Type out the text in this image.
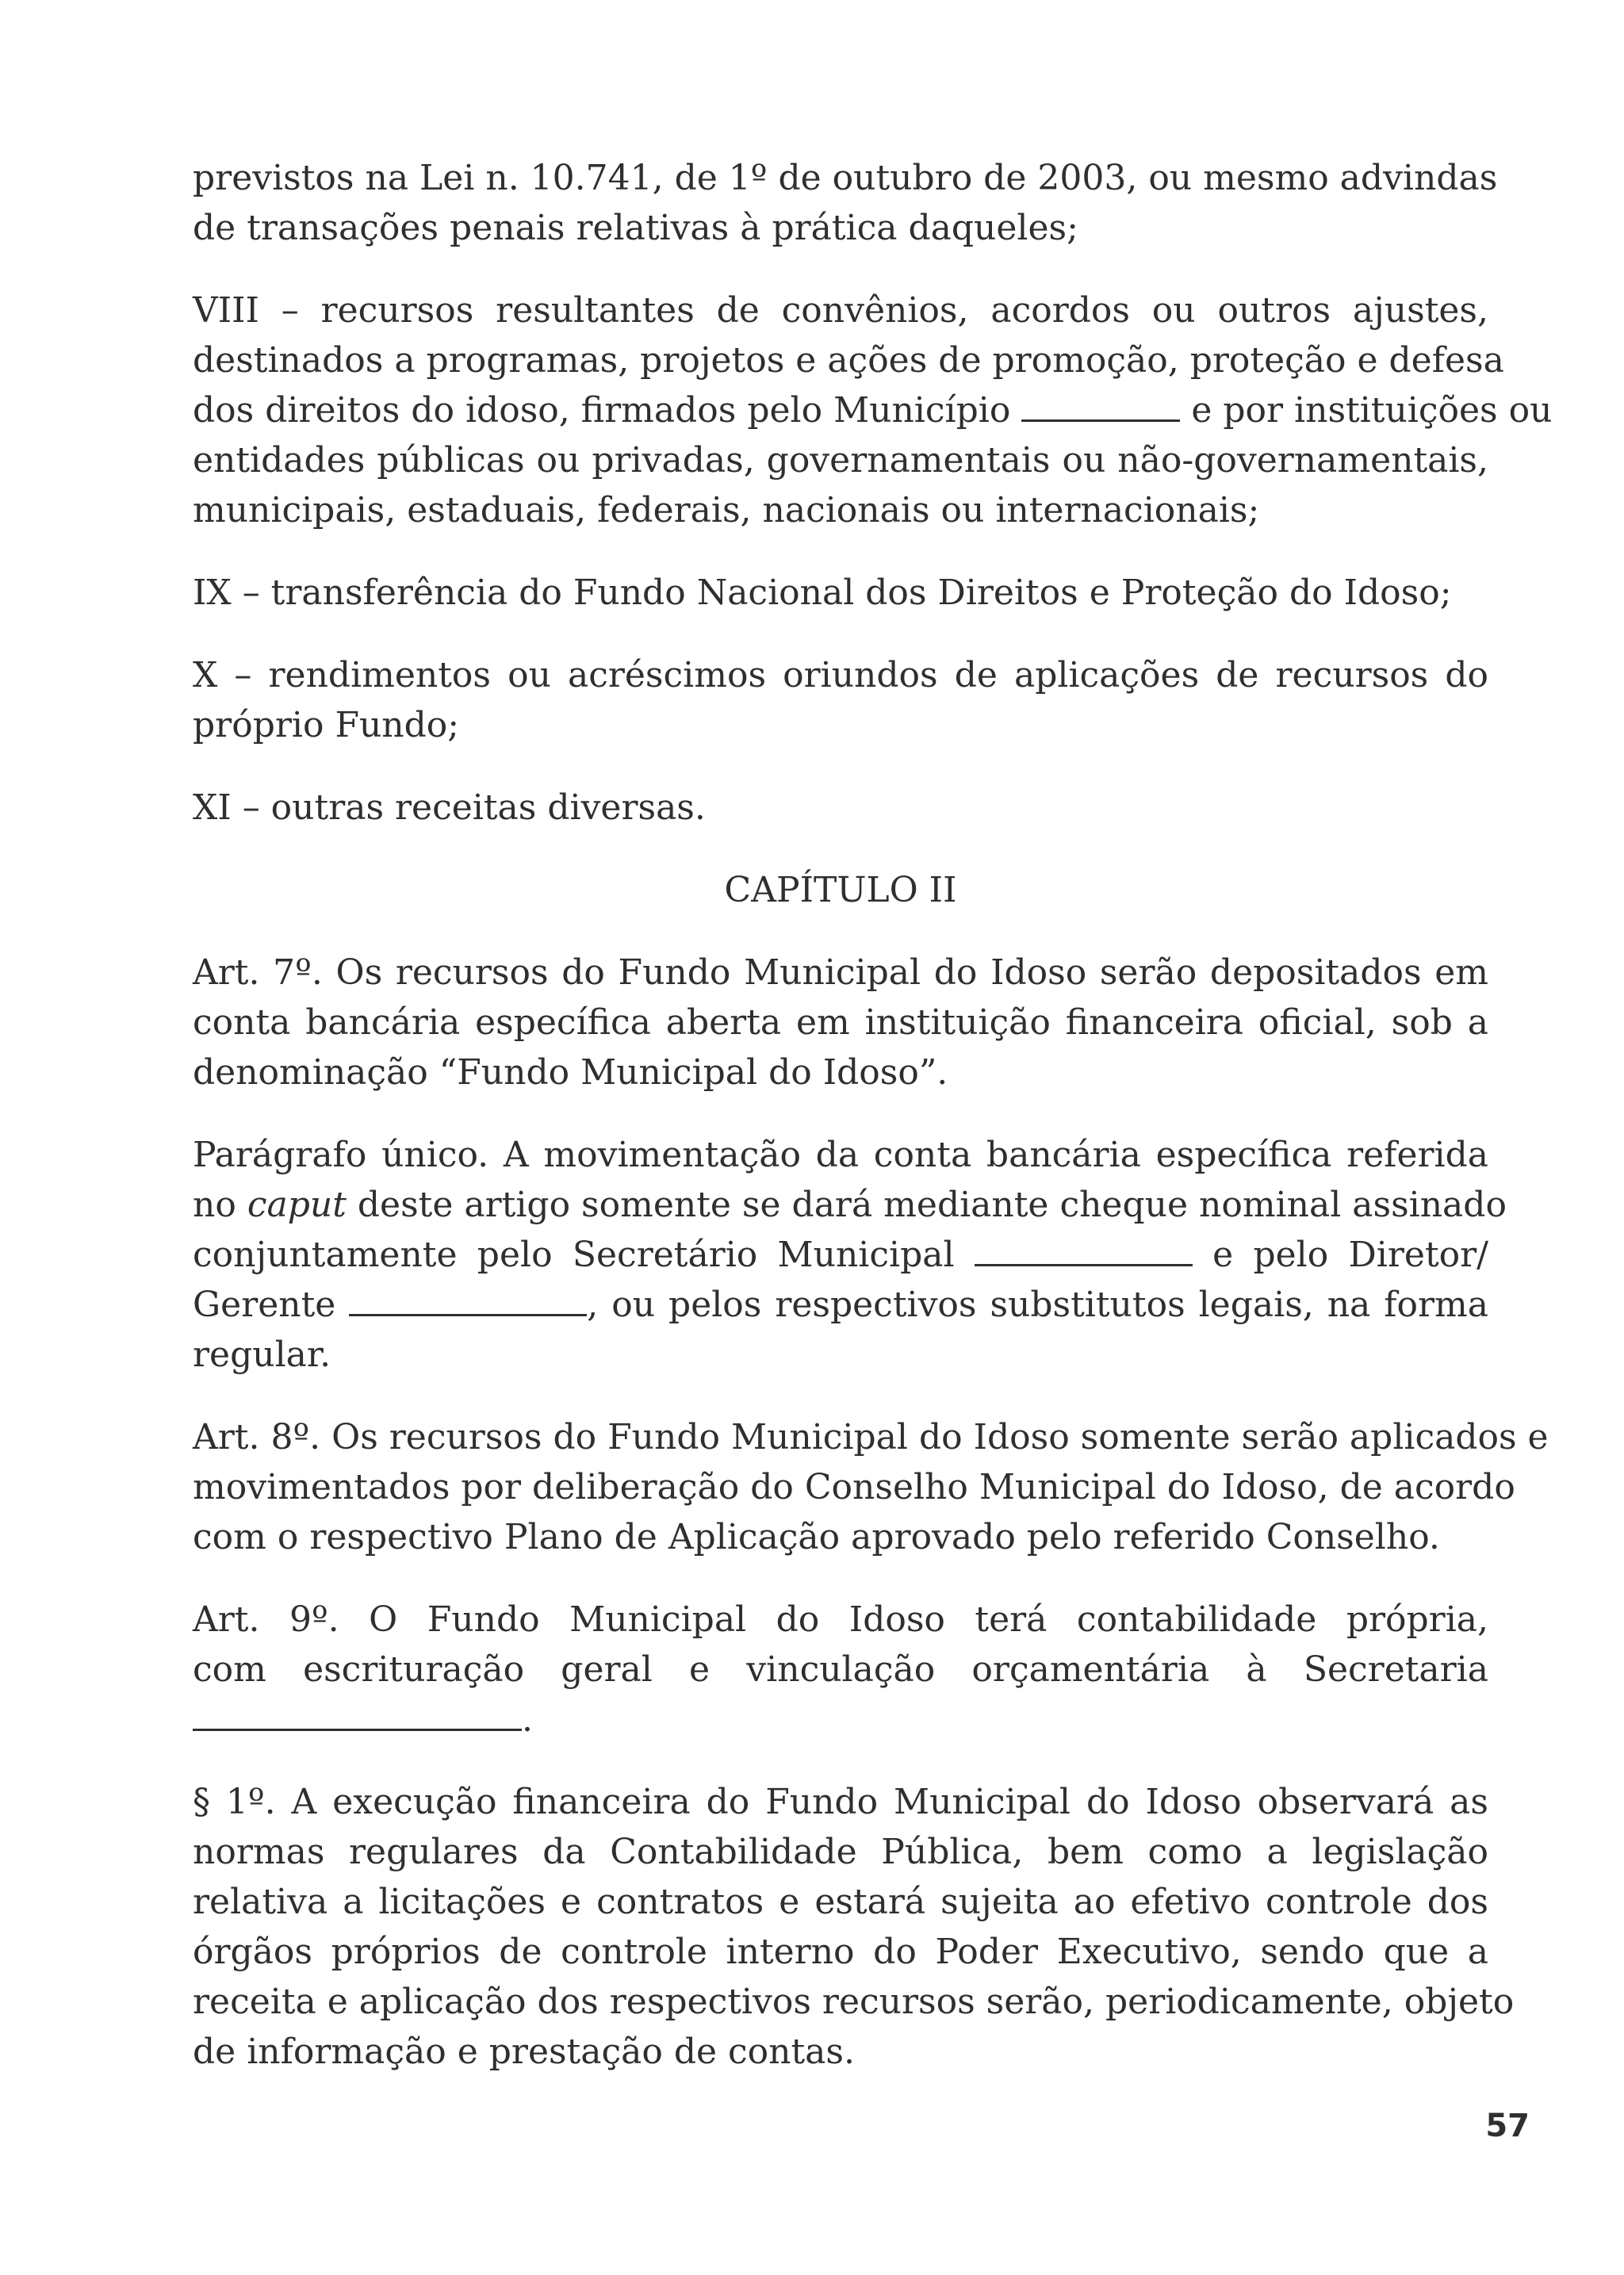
previstos na Lei n. 10.741, de 1º de outubro de 2003, ou mesmo advindas
de transações penais relativas à prática daqueles;
VIII – recursos resultantes de convênios, acordos ou outros ajustes,
destinados a programas, projetos e ações de promoção, proteção e defesa
dos direitos do idoso, firmados pelo Município	e por instituições ou
entidades públicas ou privadas, governamentais ou não-governamentais,
municipais, estaduais, federais, nacionais ou internacionais;
IX – transferência do Fundo Nacional dos Direitos e Proteção do Idoso;
X – rendimentos ou acréscimos oriundos de aplicações de recursos do
próprio Fundo;
XI – outras receitas diversas.
CAPÍTULO II
Art. 7º. Os recursos do Fundo Municipal do Idoso serão depositados em
conta bancária específica aberta em instituição financeira oficial, sob a
denominação “Fundo Municipal do Idoso”.
Parágrafo único. A movimentação da conta bancária específica referida
no caput deste artigo somente se dará mediante cheque nominal assinado
conjuntamente pelo Secretário Municipal	e pelo Diretor/
Gerente	, ou pelos respectivos substitutos legais, na forma
regular.
Art. 8º. Os recursos do Fundo Municipal do Idoso somente serão aplicados e
movimentados por deliberação do Conselho Municipal do Idoso, de acordo
com o respectivo Plano de Aplicação aprovado pelo referido Conselho.
Art. 9º. O Fundo Municipal do Idoso terá contabilidade própria,
com escrituração geral e vinculação orçamentária à Secretaria
.
§ 1º. A execução financeira do Fundo Municipal do Idoso observará as
normas regulares da Contabilidade Pública, bem como a legislação
relativa a licitações e contratos e estará sujeita ao efetivo controle dos
órgãos próprios de controle interno do Poder Executivo, sendo que a
receita e aplicação dos respectivos recursos serão, periodicamente, objeto
de informação e prestação de contas.
57
